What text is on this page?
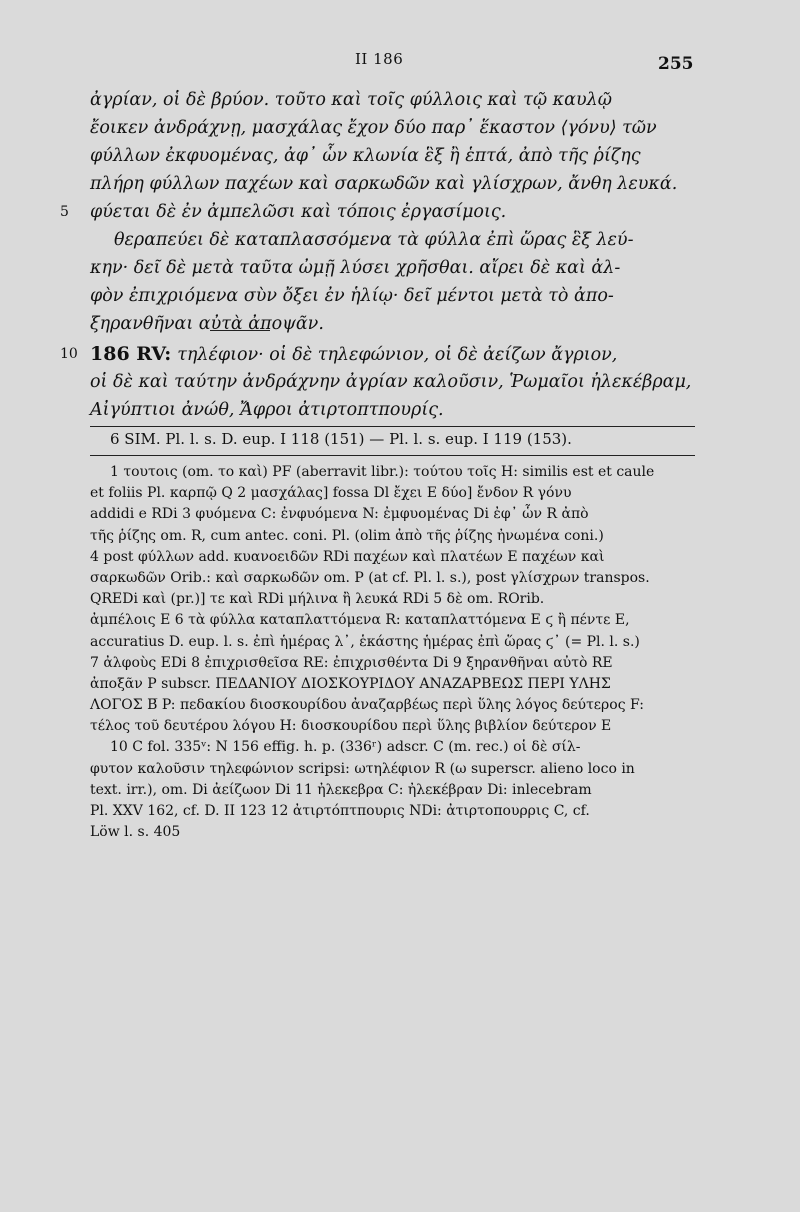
II 186	255
ἀγρίαν, οἱ δὲ βρύον. τοῦτο καὶ τοῖς φύλλοις καὶ τῷ καυλῷ
ἔοικεν ἀνδράχνῃ, μασχάλας ἔχον δύο παρ᾽ ἕκαστον ⟨γόνυ⟩ τῶν
φύλλων ἐκφυομένας, ἀφ᾽ ὧν κλωνία ἓξ ἢ ἑπτά, ἀπὸ τῆς ῥίζης
πλήρη φύλλων παχέων καὶ σαρκωδῶν καὶ γλίσχρων, ἄνθη λευκά.
5 φύεται δὲ ἐν ἀμπελῶσι καὶ τόποις ἐργασίμοις.
θεραπεύει δὲ καταπλασσόμενα τὰ φύλλα ἐπὶ ὥρας ἓξ λεύ-
κην· δεῖ δὲ μετὰ ταῦτα ὠμῇ λύσει χρῆσθαι. αἴρει δὲ καὶ ἀλ-
φὸν ἐπιχριόμενα σὺν ὄξει ἐν ἡλίῳ· δεῖ μέντοι μετὰ τὸ ἀπο-
ξηρανθῆναι αὐτὰ ἀποψᾶν.
10 186 RV: τηλέφιον· οἱ δὲ τηλεφώνιον, οἱ δὲ ἀείζων ἄγριον,
οἱ δὲ καὶ ταύτην ἀνδράχνην ἀγρίαν καλοῦσιν, Ῥωμαῖοι ἠλεκέβραμ,
Αἰγύπτιοι ἀνώθ, Ἄφροι ἀτιρτοπτπουρίς.
6 SIM. Pl. l. s. D. eup. I 118 (151) — Pl. l. s. eup. I 119 (153).
1 τουτοις (om. το καὶ) PF (aberravit libr.): τούτου τοῖς H: similis est et caule
et foliis Pl. καρπῷ Q 2 μασχάλας] fossa Dl ἔχει E δύο] ἔνδον R γόνυ
addidi e RDi 3 φυόμενα C: ἐνφυόμενα N: ἐμφυομένας Di ἐφ᾽ ὧν R ἀπὸ
τῆς ῥίζης om. R, cum antec. coni. Pl. (olim ἀπὸ τῆς ῥίζης ἠνωμένα coni.)
4 post φύλλων add. κυανοειδῶν RDi παχέων καὶ πλατέων E παχέων καὶ
σαρκωδῶν Orib.: καὶ σαρκωδῶν om. P (at cf. Pl. l. s.), post γλίσχρων transpos.
QREDi καὶ (pr.)] τε καὶ RDi μήλινα ἢ λευκά RDi 5 δὲ om. ROrib.
ἀμπέλοις E 6 τὰ φύλλα καταπλαττόμενα R: καταπλαττόμενα E ϛ ἢ πέντε E,
accuratius D. eup. l. s. ἐπὶ ἡμέρας λ᾽, ἑκάστης ἡμέρας ἐπὶ ὥρας ϛ᾽ (= Pl. l. s.)
7 ἀλφοὺς EDi 8 ἐπιχρισθεῖσα RE: ἐπιχρισθέντα Di 9 ξηρανθῆναι αὐτὸ RE
ἀποξᾶν P subscr. ΠΕΔΑΝΙΟΥ ΔΙΟΣΚΟΥΡΙΔΟΥ ΑΝΑΖΑΡΒΕΩΣ ΠΕΡΙ ΥΛΗΣ
ΛΟΓΟΣ Β̅ P: πεδακίου διοσκουρίδου ἀναζαρβέως περὶ ὕλης λόγος δεύτερος F:
τέλος τοῦ δευτέρου λόγου H: διοσκουρίδου περὶ ὕλης βιβλίον δεύτερον E
10 C fol. 335ᵛ: N 156 effig. h. p. (336ʳ) adscr. C (m. rec.) οἱ δὲ σίλ-
φυτον καλοῦσιν τηλεφώνιον scripsi: ωτηλέφιον R (ω superscr. alieno loco in
text. irr.), om. Di ἀείζωον Di 11 ἠλεκεβρα C: ἠλεκέβραν Di: inlecebram
Pl. XXV 162, cf. D. II 123 12 ἀτιρτόπτπουρις NDi: ἀτιρτοπουρρις C, cf.
Löw l. s. 405
